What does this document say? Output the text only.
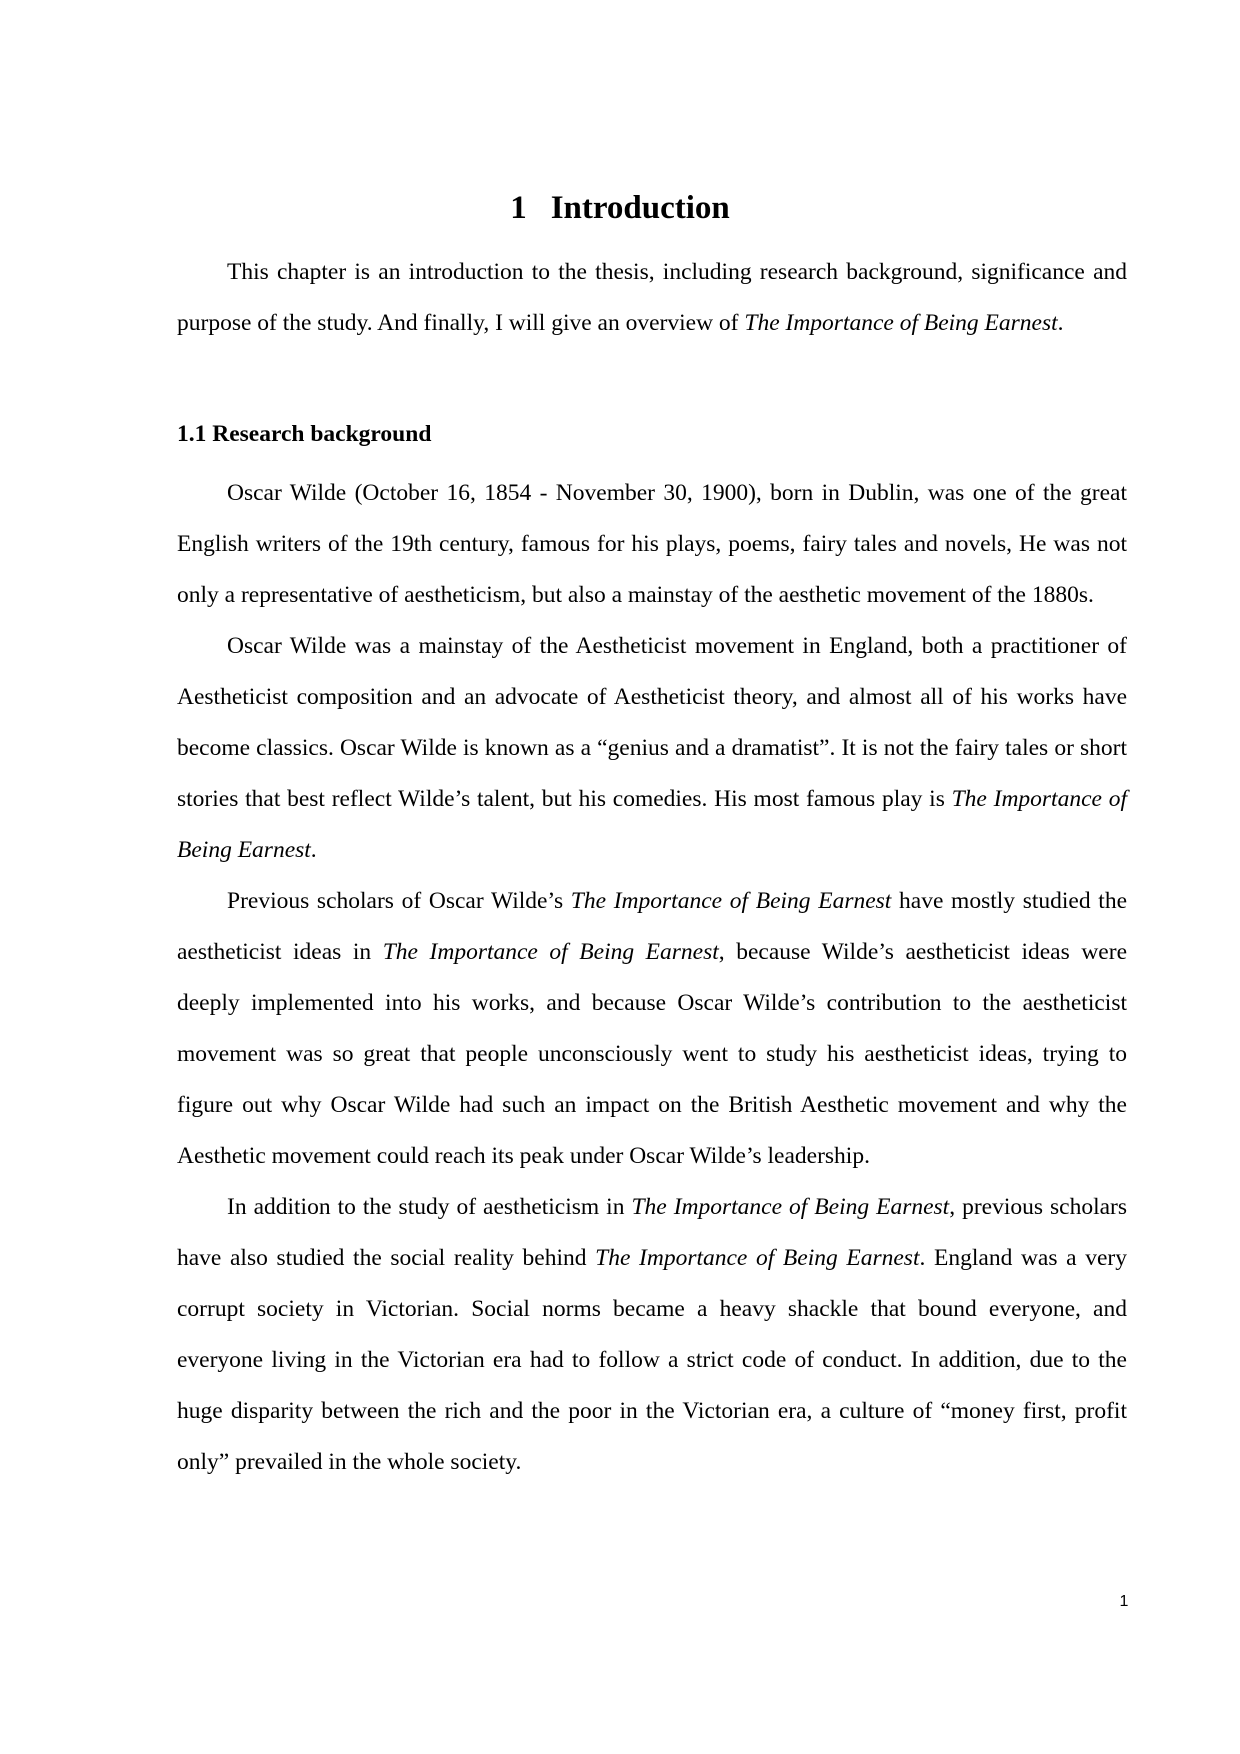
1 Introduction

This chapter is an introduction to the thesis, including research background, significance and purpose of the study. And finally, I will give an overview of The Importance of Being Earnest.

1.1 Research background

Oscar Wilde (October 16, 1854 - November 30, 1900), born in Dublin, was one of the great English writers of the 19th century, famous for his plays, poems, fairy tales and novels, He was not only a representative of aestheticism, but also a mainstay of the aesthetic movement of the 1880s.

Oscar Wilde was a mainstay of the Aestheticist movement in England, both a practitioner of Aestheticist composition and an advocate of Aestheticist theory, and almost all of his works have become classics. Oscar Wilde is known as a “genius and a dramatist”. It is not the fairy tales or short stories that best reflect Wilde’s talent, but his comedies. His most famous play is The Importance of Being Earnest.

Previous scholars of Oscar Wilde’s The Importance of Being Earnest have mostly studied the aestheticist ideas in The Importance of Being Earnest, because Wilde’s aestheticist ideas were deeply implemented into his works, and because Oscar Wilde’s contribution to the aestheticist movement was so great that people unconsciously went to study his aestheticist ideas, trying to figure out why Oscar Wilde had such an impact on the British Aesthetic movement and why the Aesthetic movement could reach its peak under Oscar Wilde’s leadership.

In addition to the study of aestheticism in The Importance of Being Earnest, previous scholars have also studied the social reality behind The Importance of Being Earnest. England was a very corrupt society in Victorian. Social norms became a heavy shackle that bound everyone, and everyone living in the Victorian era had to follow a strict code of conduct. In addition, due to the huge disparity between the rich and the poor in the Victorian era, a culture of “money first, profit only” prevailed in the whole society.

1
